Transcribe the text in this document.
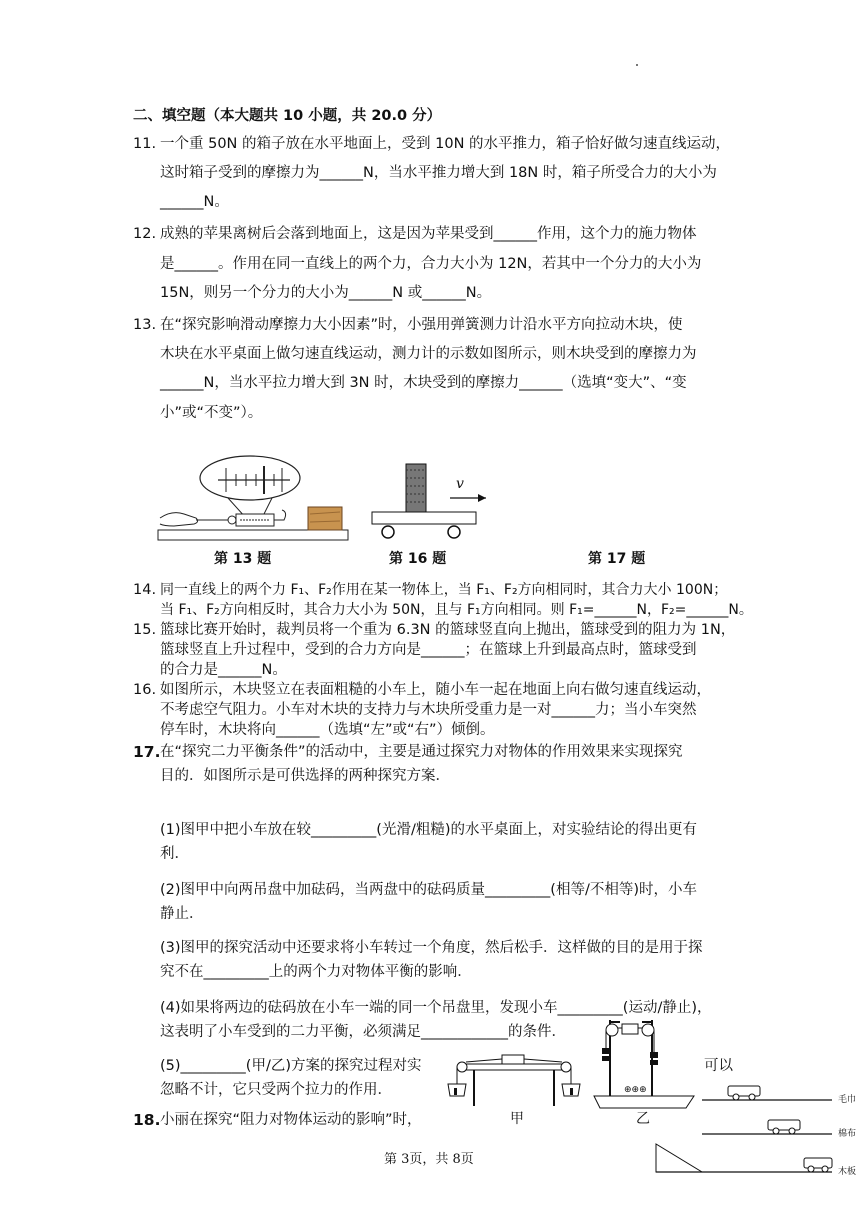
二、填空题（本大题共 10 小题，共 20.0 分）
11. 一个重 50N 的箱子放在水平地面上，受到 10N 的水平推力，箱子恰好做匀速直线运动，
这时箱子受到的摩擦力为______N，当水平推力增大到 18N 时，箱子所受合力的大小为
______N。
12. 成熟的苹果离树后会落到地面上，这是因为苹果受到______作用，这个力的施力物体
是______。作用在同一直线上的两个力，合力大小为 12N，若其中一个分力的大小为
15N，则另一个分力的大小为______N 或______N。
13. 在“探究影响滑动摩擦力大小因素”时，小强用弹簧测力计沿水平方向拉动木块，使
木块在水平桌面上做匀速直线运动，测力计的示数如图所示，则木块受到的摩擦力为
______N，当水平拉力增大到 3N 时，木块受到的摩擦力______（选填“变大”、“变
小”或“不变”）。
v
第 13 题	第 16 题	第 17 题
14. 同一直线上的两个力 F₁、F₂作用在某一物体上，当 F₁、F₂方向相同时，其合力大小 100N；
当 F₁、F₂方向相反时，其合力大小为 50N，且与 F₁方向相同。则 F₁=______N，F₂=______N。
15. 篮球比赛开始时，裁判员将一个重为 6.3N 的篮球竖直向上抛出，篮球受到的阻力为 1N，
篮球竖直上升过程中，受到的合力方向是______；在篮球上升到最高点时，篮球受到
的合力是______N。
16. 如图所示，木块竖立在表面粗糙的小车上，随小车一起在地面上向右做匀速直线运动，
不考虑空气阻力。小车对木块的支持力与木块所受重力是一对______力；当小车突然
停车时，木块将向______（选填“左”或“右”）倾倒。
17. 在“探究二力平衡条件”的活动中，主要是通过探究力对物体的作用效果来实现探究
目的．如图所示是可供选择的两种探究方案．
(1)图甲中把小车放在较_________(光滑/粗糙)的水平桌面上，对实验结论的得出更有
利．
(2)图甲中向两吊盘中加砝码，当两盘中的砝码质量_________(相等/不相等)时，小车
静止．
(3)图甲的探究活动中还要求将小车转过一个角度，然后松手．这样做的目的是用于探
究不在_________上的两个力对物体平衡的影响．
(4)如果将两边的砝码放在小车一端的同一个吊盘里，发现小车_________(运动/静止)，
这表明了小车受到的二力平衡，必须满足____________的条件．
(5)_________(甲/乙)方案的探究过程对实	可以
忽略不计，它只受两个拉力的作用．
甲
⊕⊕⊕
乙
18. 小丽在探究“阻力对物体运动的影响”时，
毛巾
棉布
木板
第 3页，共 8页
